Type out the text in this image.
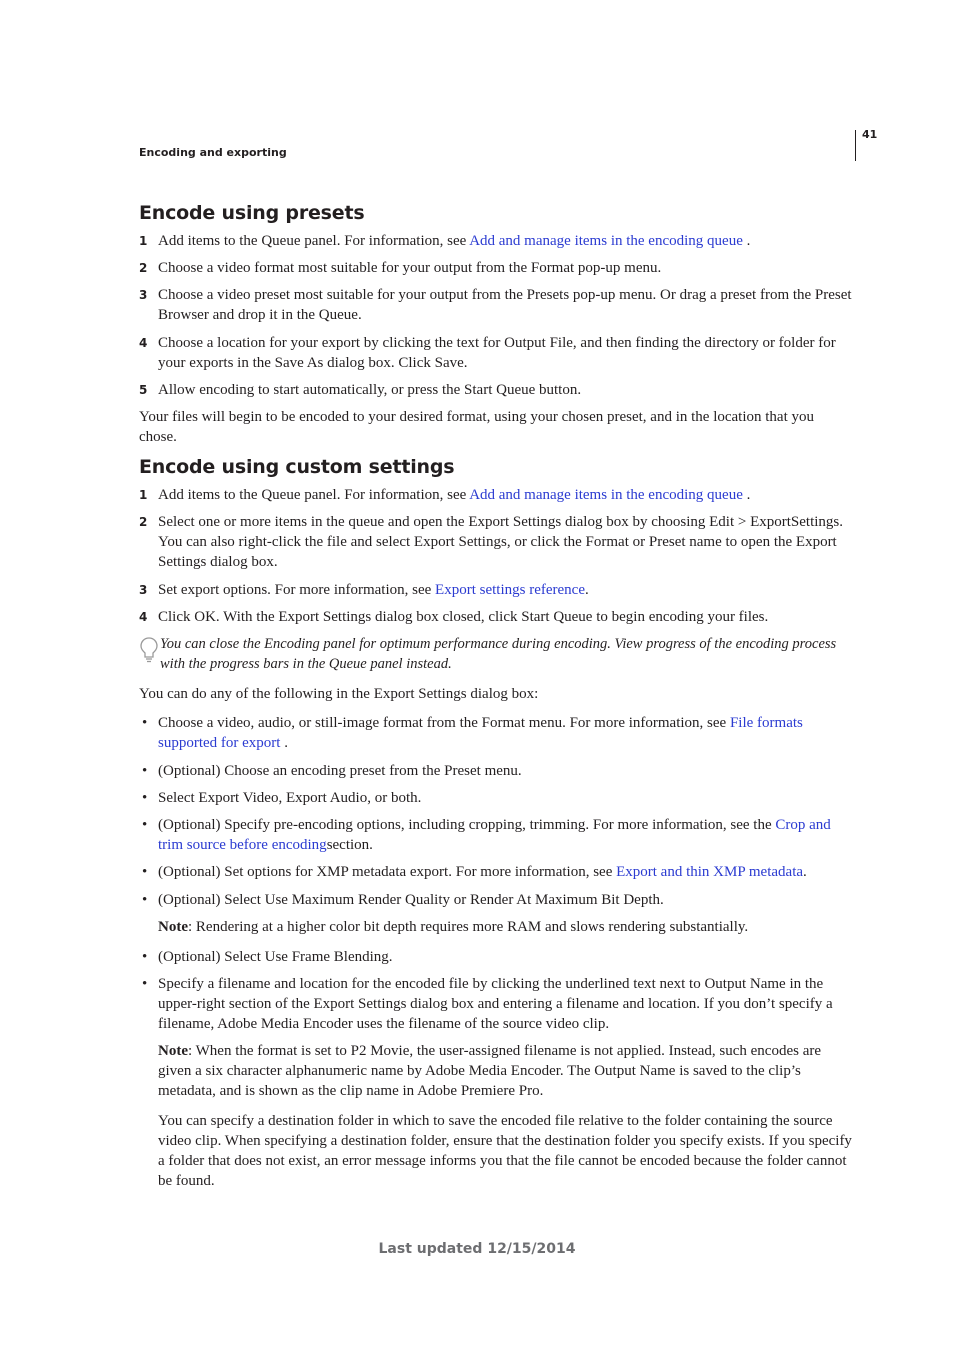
Encoding and exporting
41
Encode using presets
1 Add items to the Queue panel. For information, see Add and manage items in the encoding queue .
2 Choose a video format most suitable for your output from the Format pop-up menu.
3 Choose a video preset most suitable for your output from the Presets pop-up menu. Or drag a preset from the Preset Browser and drop it in the Queue.
4 Choose a location for your export by clicking the text for Output File, and then finding the directory or folder for your exports in the Save As dialog box. Click Save.
5 Allow encoding to start automatically, or press the Start Queue button.
Your files will begin to be encoded to your desired format, using your chosen preset, and in the location that you chose.
Encode using custom settings
1 Add items to the Queue panel. For information, see Add and manage items in the encoding queue .
2 Select one or more items in the queue and open the Export Settings dialog box by choosing Edit > ExportSettings. You can also right-click the file and select Export Settings, or click the Format or Preset name to open the Export Settings dialog box.
3 Set export options. For more information, see Export settings reference.
4 Click OK. With the Export Settings dialog box closed, click Start Queue to begin encoding your files.
You can close the Encoding panel for optimum performance during encoding. View progress of the encoding process with the progress bars in the Queue panel instead.
You can do any of the following in the Export Settings dialog box:
• Choose a video, audio, or still-image format from the Format menu. For more information, see File formats supported for export .
• (Optional) Choose an encoding preset from the Preset menu.
• Select Export Video, Export Audio, or both.
• (Optional) Specify pre-encoding options, including cropping, trimming. For more information, see the Crop and trim source before encodingsection.
• (Optional) Set options for XMP metadata export. For more information, see Export and thin XMP metadata.
• (Optional) Select Use Maximum Render Quality or Render At Maximum Bit Depth.
Note: Rendering at a higher color bit depth requires more RAM and slows rendering substantially.
• (Optional) Select Use Frame Blending.
• Specify a filename and location for the encoded file by clicking the underlined text next to Output Name in the upper-right section of the Export Settings dialog box and entering a filename and location. If you don’t specify a filename, Adobe Media Encoder uses the filename of the source video clip.
Note: When the format is set to P2 Movie, the user-assigned filename is not applied. Instead, such encodes are given a six character alphanumeric name by Adobe Media Encoder. The Output Name is saved to the clip’s metadata, and is shown as the clip name in Adobe Premiere Pro.
You can specify a destination folder in which to save the encoded file relative to the folder containing the source video clip. When specifying a destination folder, ensure that the destination folder you specify exists. If you specify a folder that does not exist, an error message informs you that the file cannot be encoded because the folder cannot be found.
Last updated 12/15/2014
